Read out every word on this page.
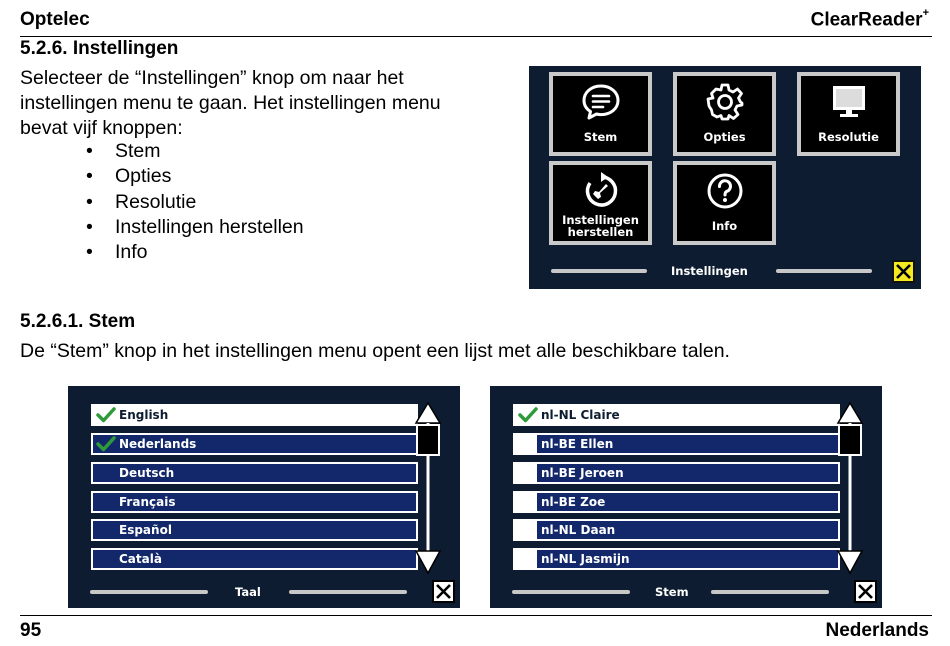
Optelec	ClearReader+
5.2.6. Instellingen
Selecteer de “Instellingen” knop om naar het instellingen menu te gaan. Het instellingen menu bevat vijf knoppen:
• Stem
• Opties
• Resolutie
• Instellingen herstellen
• Info
Stem	Opties	Resolutie
Instellingen
herstellen	Info
Instellingen
5.2.6.1. Stem
De “Stem” knop in het instellingen menu opent een lijst met alle beschikbare talen.
English
Nederlands
Deutsch
Français
Español
Català
Taal
nl-NL Claire
nl-BE Ellen
nl-BE Jeroen
nl-BE Zoe
nl-NL Daan
nl-NL Jasmijn
Stem
95	Nederlands
